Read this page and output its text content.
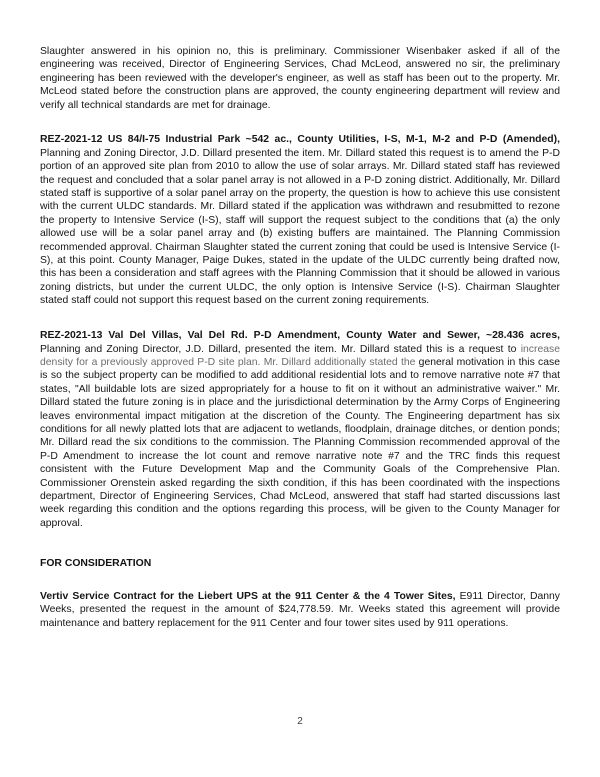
Slaughter answered in his opinion no, this is preliminary. Commissioner Wisenbaker asked if all of the engineering was received, Director of Engineering Services, Chad McLeod, answered no sir, the preliminary engineering has been reviewed with the developer's engineer, as well as staff has been out to the property. Mr. McLeod stated before the construction plans are approved, the county engineering department will review and verify all technical standards are met for drainage.

REZ-2021-12 US 84/I-75 Industrial Park ~542 ac., County Utilities, I-S, M-1, M-2 and P-D (Amended), Planning and Zoning Director, J.D. Dillard presented the item. Mr. Dillard stated this request is to amend the P-D portion of an approved site plan from 2010 to allow the use of solar arrays. Mr. Dillard stated staff has reviewed the request and concluded that a solar panel array is not allowed in a P-D zoning district. Additionally, Mr. Dillard stated staff is supportive of a solar panel array on the property, the question is how to achieve this use consistent with the current ULDC standards. Mr. Dillard stated if the application was withdrawn and resubmitted to rezone the property to Intensive Service (I-S), staff will support the request subject to the conditions that (a) the only allowed use will be a solar panel array and (b) existing buffers are maintained. The Planning Commission recommended approval. Chairman Slaughter stated the current zoning that could be used is Intensive Service (I-S), at this point. County Manager, Paige Dukes, stated in the update of the ULDC currently being drafted now, this has been a consideration and staff agrees with the Planning Commission that it should be allowed in various zoning districts, but under the current ULDC, the only option is Intensive Service (I-S). Chairman Slaughter stated staff could not support this request based on the current zoning requirements.

REZ-2021-13 Val Del Villas, Val Del Rd. P-D Amendment, County Water and Sewer, ~28.436 acres, Planning and Zoning Director, J.D. Dillard, presented the item. Mr. Dillard stated this is a request to increase density for a previously approved P-D site plan. Mr. Dillard additionally stated the general motivation in this case is so the subject property can be modified to add additional residential lots and to remove narrative note #7 that states, "All buildable lots are sized appropriately for a house to fit on it without an administrative waiver." Mr. Dillard stated the future zoning is in place and the jurisdictional determination by the Army Corps of Engineering leaves environmental impact mitigation at the discretion of the County. The Engineering department has six conditions for all newly platted lots that are adjacent to wetlands, floodplain, drainage ditches, or dention ponds; Mr. Dillard read the six conditions to the commission. The Planning Commission recommended approval of the P-D Amendment to increase the lot count and remove narrative note #7 and the TRC finds this request consistent with the Future Development Map and the Community Goals of the Comprehensive Plan. Commissioner Orenstein asked regarding the sixth condition, if this has been coordinated with the inspections department, Director of Engineering Services, Chad McLeod, answered that staff had started discussions last week regarding this condition and the options regarding this process, will be given to the County Manager for approval.

FOR CONSIDERATION

Vertiv Service Contract for the Liebert UPS at the 911 Center & the 4 Tower Sites, E911 Director, Danny Weeks, presented the request in the amount of $24,778.59. Mr. Weeks stated this agreement will provide maintenance and battery replacement for the 911 Center and four tower sites used by 911 operations.

2
